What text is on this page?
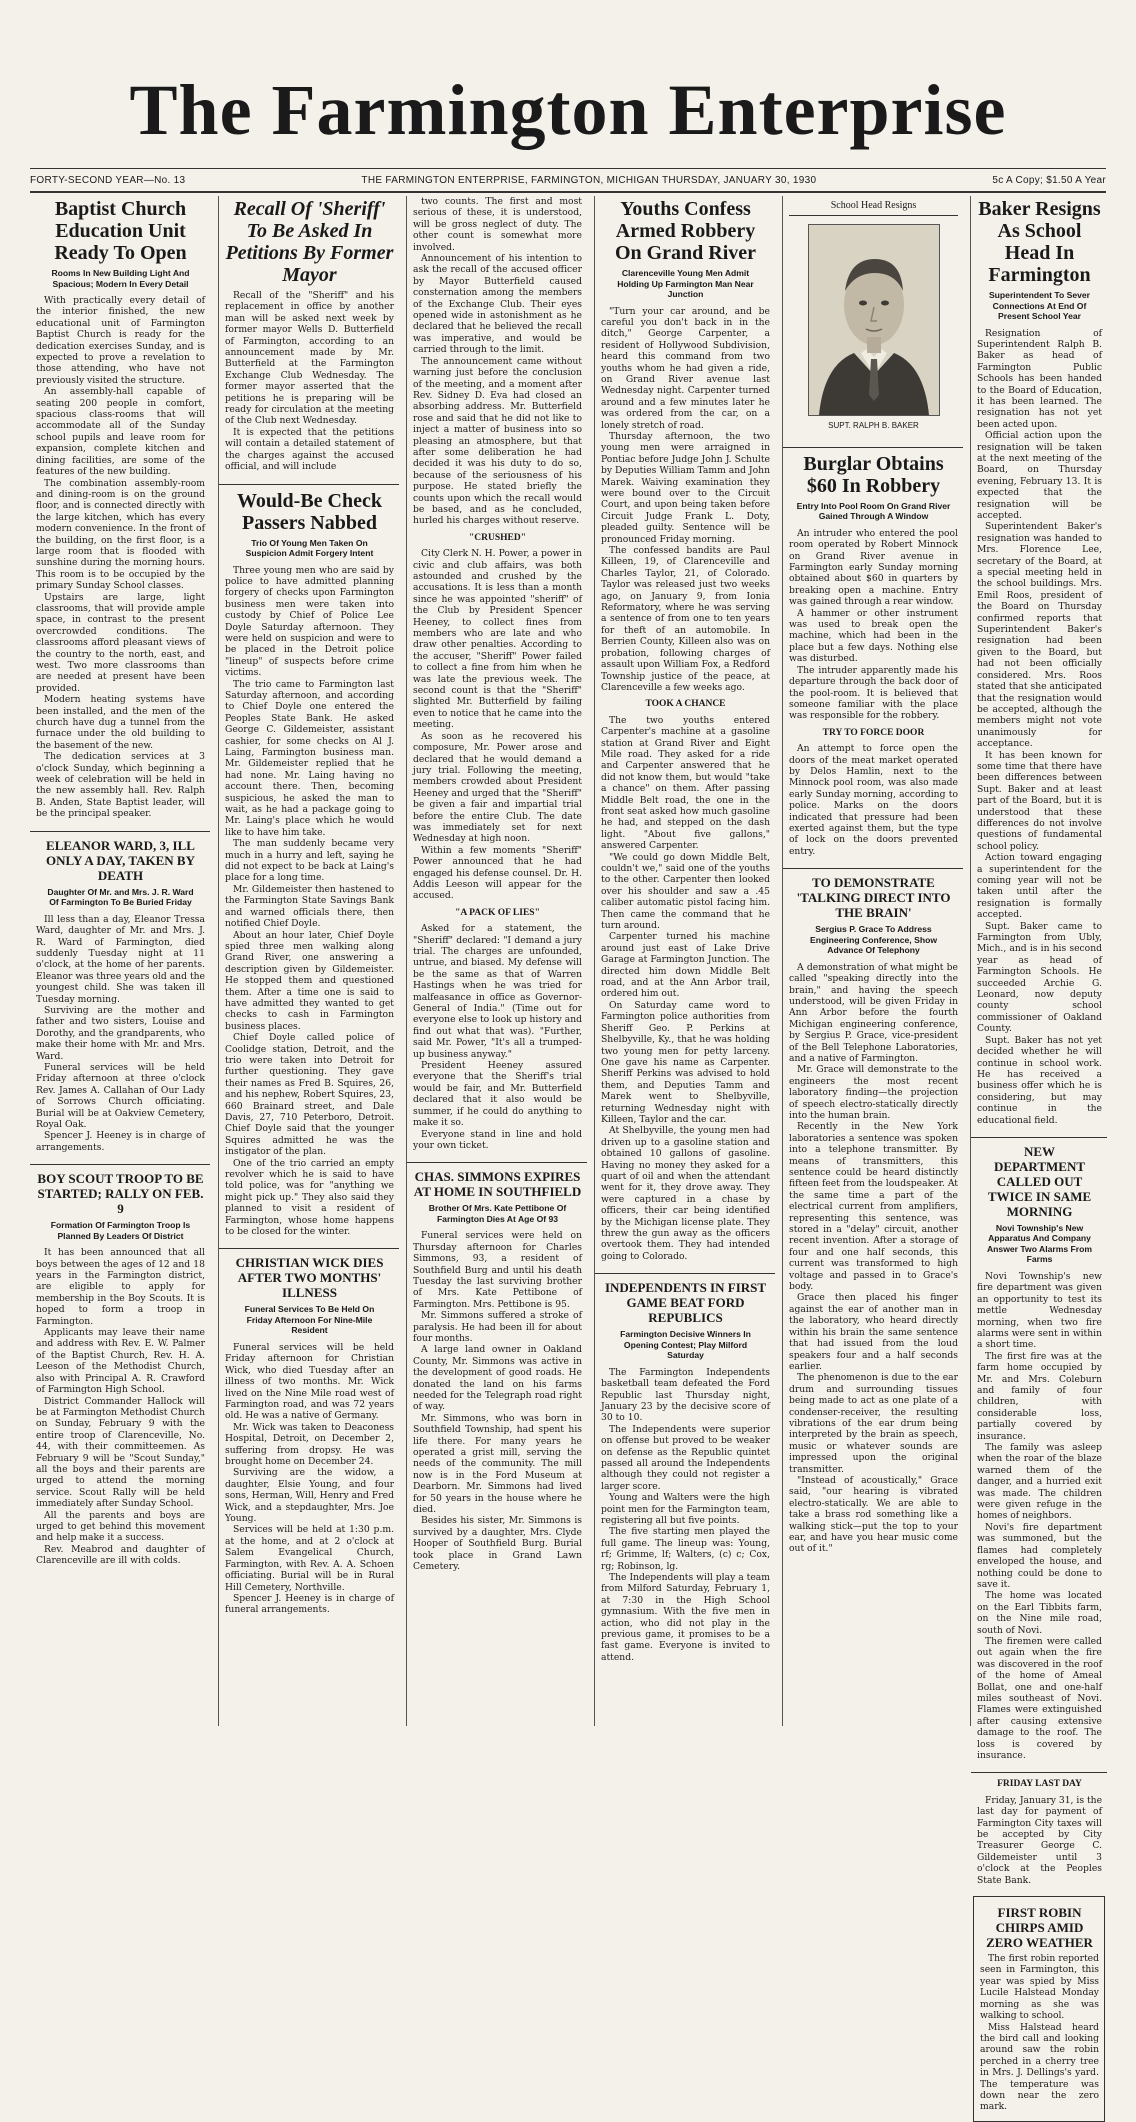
The Farmington Enterprise
FORTY-SECOND YEAR—No. 13	THE FARMINGTON ENTERPRISE, FARMINGTON, MICHIGAN THURSDAY, JANUARY 30, 1930	5c A Copy; $1.50 A Year
Baptist Church Education Unit Ready To Open
Rooms In New Building Light And Spacious; Modern In Every Detail

With practically every detail of the interior finished, the new educational unit of Farmington Baptist Church is ready for the dedication exercises Sunday, and is expected to prove a revelation to those attending, who have not previously visited the structure.

An assembly-hall capable of seating 200 people in comfort, spacious class-rooms that will accommodate all of the Sunday school pupils and leave room for expansion, complete kitchen and dining facilities, are some of the features of the new building.

The combination assembly-room and dining-room is on the ground floor, and is connected directly with the large kitchen, which has every modern convenience. In the front of the building, on the first floor, is a large room that is flooded with sunshine during the morning hours. This room is to be occupied by the primary Sunday School classes.

Upstairs are large, light classrooms, that will provide ample space, in contrast to the present overcrowded conditions. The classrooms afford pleasant views of the country to the north, east, and west. Two more classrooms than are needed at present have been provided.

Modern heating systems have been installed, and the men of the church have dug a tunnel from the furnace under the old building to the basement of the new.

The dedication services at 3 o'clock Sunday, which beginning a week of celebration will be held in the new assembly hall. Rev. Ralph B. Anden, State Baptist leader, will be the principal speaker.

ELEANOR WARD, 3, ILL ONLY A DAY, TAKEN BY DEATH
Daughter Of Mr. and Mrs. J. R. Ward Of Farmington To Be Buried Friday

Ill less than a day, Eleanor Tressa Ward, daughter of Mr. and Mrs. J. R. Ward of Farmington, died suddenly Tuesday night at 11 o'clock, at the home of her parents. Eleanor was three years old and the youngest child. She was taken ill Tuesday morning.

Surviving are the mother and father and two sisters, Louise and Dorothy, and the grandparents, who make their home with Mr. and Mrs. Ward.

Funeral services will be held Friday afternoon at three o'clock Rev. James A. Callahan of Our Lady of Sorrows Church officiating. Burial will be at Oakview Cemetery, Royal Oak.

Spencer J. Heeney is in charge of arrangements.

BOY SCOUT TROOP TO BE STARTED; RALLY ON FEB. 9
Formation Of Farmington Troop Is Planned By Leaders Of District

It has been announced that all boys between the ages of 12 and 18 years in the Farmington district, are eligible to apply for membership in the Boy Scouts. It is hoped to form a troop in Farmington.

Applicants may leave their name and address with Rev. E. W. Palmer of the Baptist Church, Rev. H. A. Leeson of the Methodist Church, also with Principal A. R. Crawford of Farmington High School.

District Commander Hallock will be at Farmington Methodist Church on Sunday, February 9 with the entire troop of Clarenceville, No. 44, with their committeemen. As February 9 will be "Scout Sunday," all the boys and their parents are urged to attend the morning service. Scout Rally will be held immediately after Sunday School.

All the parents and boys are urged to get behind this movement and help make it a success.

Rev. Meabrod and daughter of Clarenceville are ill with colds.

Recall Of 'Sheriff' To Be Asked In Petitions By Former Mayor

Recall of the "Sheriff" and his replacement in office by another man will be asked next week by former mayor Wells D. Butterfield of Farmington, according to an announcement made by Mr. Butterfield at the Farmington Exchange Club Wednesday. The former mayor asserted that the petitions he is preparing will be ready for circulation at the meeting of the Club next Wednesday.

It is expected that the petitions will contain a detailed statement of the charges against the accused official, and will include

Would-Be Check Passers Nabbed
Trio Of Young Men Taken On Suspicion Admit Forgery Intent

Three young men who are said by police to have admitted planning forgery of checks upon Farmington business men were taken into custody by Chief of Police Lee Doyle Saturday afternoon. They were held on suspicion and were to be placed in the Detroit police "lineup" of suspects before crime victims.

The trio came to Farmington last Saturday afternoon, and according to Chief Doyle one entered the Peoples State Bank. He asked George C. Gildemeister, assistant cashier, for some checks on Al J. Laing, Farmington business man. Mr. Gildemeister replied that he had none. Mr. Laing having no account there. Then, becoming suspicious, he asked the man to wait, as he had a package going to Mr. Laing's place which he would like to have him take.

The man suddenly became very much in a hurry and left, saying he did not expect to be back at Laing's place for a long time.

Mr. Gildemeister then hastened to the Farmington State Savings Bank and warned officials there, then notified Chief Doyle.

About an hour later, Chief Doyle spied three men walking along Grand River, one answering a description given by Gildemeister. He stopped them and questioned them. After a time one is said to have admitted they wanted to get checks to cash in Farmington business places.

Chief Doyle called police of Coolidge station, Detroit, and the trio were taken into Detroit for further questioning. They gave their names as Fred B. Squires, 26, and his nephew, Robert Squires, 23, 660 Brainard street, and Dale Davis, 27, 710 Peterboro, Detroit. Chief Doyle said that the younger Squires admitted he was the instigator of the plan.

One of the trio carried an empty revolver which he is said to have told police, was for "anything we might pick up." They also said they planned to visit a resident of Farmington, whose home happens to be closed for the winter.

CHRISTIAN WICK DIES AFTER TWO MONTHS' ILLNESS
Funeral Services To Be Held On Friday Afternoon For Nine-Mile Resident

Funeral services will be held Friday afternoon for Christian Wick, who died Tuesday after an illness of two months. Mr. Wick lived on the Nine Mile road west of Farmington road, and was 72 years old. He was a native of Germany.

Mr. Wick was taken to Deaconess Hospital, Detroit, on December 2, suffering from dropsy. He was brought home on December 24.

Surviving are the widow, a daughter, Elsie Young, and four sons, Herman, Will, Henry and Fred Wick, and a stepdaughter, Mrs. Joe Young.

Services will be held at 1:30 p.m. at the home, and at 2 o'clock at Salem Evangelical Church, Farmington, with Rev. A. A. Schoen officiating. Burial will be in Rural Hill Cemetery, Northville.

Spencer J. Heeney is in charge of funeral arrangements.

two counts. The first and most serious of these, it is understood, will be gross neglect of duty. The other count is somewhat more involved.

Announcement of his intention to ask the recall of the accused officer by Mayor Butterfield caused consternation among the members of the Exchange Club. Their eyes opened wide in astonishment as he declared that he believed the recall was imperative, and would be carried through to the limit.

The announcement came without warning just before the conclusion of the meeting, and a moment after Rev. Sidney D. Eva had closed an absorbing address. Mr. Butterfield rose and said that he did not like to inject a matter of business into so pleasing an atmosphere, but that after some deliberation he had decided it was his duty to do so, because of the seriousness of his purpose. He stated briefly the counts upon which the recall would be based, and as he concluded, hurled his charges without reserve.

"CRUSHED"

City Clerk N. H. Power, a power in civic and club affairs, was both astounded and crushed by the accusations. It is less than a month since he was appointed "sheriff" of the Club by President Spencer Heeney, to collect fines from members who are late and who draw other penalties. According to the accuser, "Sheriff" Power failed to collect a fine from him when he was late the previous week. The second count is that the "Sheriff" slighted Mr. Butterfield by failing even to notice that he came into the meeting.

As soon as he recovered his composure, Mr. Power arose and declared that he would demand a jury trial. Following the meeting, members crowded about President Heeney and urged that the "Sheriff" be given a fair and impartial trial before the entire Club. The date was immediately set for next Wednesday at high noon.

Within a few moments "Sheriff" Power announced that he had engaged his defense counsel. Dr. H. Addis Leeson will appear for the accused.

"A PACK OF LIES"

Asked for a statement, the "Sheriff" declared: "I demand a jury trial. The charges are unfounded, untrue, and biased. My defense will be the same as that of Warren Hastings when he was tried for malfeasance in office as Governor-General of India." (Time out for everyone else to look up history and find out what that was). "Further, said Mr. Power, "It's all a trumped-up business anyway."

President Heeney assured everyone that the Sheriff's trial would be fair, and Mr. Butterfield declared that it also would be summer, if he could do anything to make it so.

Everyone stand in line and hold your own ticket.

CHAS. SIMMONS EXPIRES AT HOME IN SOUTHFIELD
Brother Of Mrs. Kate Pettibone Of Farmington Dies At Age Of 93

Funeral services were held on Thursday afternoon for Charles Simmons, 93, a resident of Southfield Burg and until his death Tuesday the last surviving brother of Mrs. Kate Pettibone of Farmington. Mrs. Pettibone is 95.

Mr. Simmons suffered a stroke of paralysis. He had been ill for about four months.

A large land owner in Oakland County, Mr. Simmons was active in the development of good roads. He donated the land on his farms needed for the Telegraph road right of way.

Mr. Simmons, who was born in Southfield Township, had spent his life there. For many years he operated a grist mill, serving the needs of the community. The mill now is in the Ford Museum at Dearborn. Mr. Simmons had lived for 50 years in the house where he died.

Besides his sister, Mr. Simmons is survived by a daughter, Mrs. Clyde Hooper of Southfield Burg. Burial took place in Grand Lawn Cemetery.

Youths Confess Armed Robbery On Grand River
Clarenceville Young Men Admit Holding Up Farmington Man Near Junction

"Turn your car around, and be careful you don't back in in the ditch," George Carpenter, a resident of Hollywood Subdivision, heard this command from two youths whom he had given a ride, on Grand River avenue last Wednesday night. Carpenter turned around and a few minutes later he was ordered from the car, on a lonely stretch of road.

Thursday afternoon, the two young men were arraigned in Pontiac before Judge John J. Schulte by Deputies William Tamm and John Marek. Waiving examination they were bound over to the Circuit Court, and upon being taken before Circuit Judge Frank L. Doty, pleaded guilty. Sentence will be pronounced Friday morning.

The confessed bandits are Paul Killeen, 19, of Clarenceville and Charles Taylor, 21, of Colorado. Taylor was released just two weeks ago, on January 9, from Ionia Reformatory, where he was serving a sentence of from one to ten years for theft of an automobile. In Berrien County, Killeen also was on probation, following charges of assault upon William Fox, a Redford Township justice of the peace, at Clarenceville a few weeks ago.

TOOK A CHANCE

The two youths entered Carpenter's machine at a gasoline station at Grand River and Eight Mile road. They asked for a ride and Carpenter answered that he did not know them, but would "take a chance" on them. After passing Middle Belt road, the one in the front seat asked how much gasoline he had, and stepped on the dash light. "About five gallons," answered Carpenter.

"We could go down Middle Belt, couldn't we," said one of the youths to the other. Carpenter then looked over his shoulder and saw a .45 caliber automatic pistol facing him. Then came the command that he turn around.

Carpenter turned his machine around just east of Lake Drive Garage at Farmington Junction. The directed him down Middle Belt road, and at the Ann Arbor trail, ordered him out.

On Saturday came word to Farmington police authorities from Sheriff Geo. P. Perkins at Shelbyville, Ky., that he was holding two young men for petty larceny. One gave his name as Carpenter. Sheriff Perkins was advised to hold them, and Deputies Tamm and Marek went to Shelbyville, returning Wednesday night with Killeen, Taylor and the car.

At Shelbyville, the young men had driven up to a gasoline station and obtained 10 gallons of gasoline. Having no money they asked for a quart of oil and when the attendant went for it, they drove away. They were captured in a chase by officers, their car being identified by the Michigan license plate. They threw the gun away as the officers overtook them. They had intended going to Colorado.

INDEPENDENTS IN FIRST GAME BEAT FORD REPUBLICS
Farmington Decisive Winners In Opening Contest; Play Milford Saturday

The Farmington Independents basketball team defeated the Ford Republic last Thursday night, January 23 by the decisive score of 30 to 10.

The Independents were superior on offense but proved to be weaker on defense as the Republic quintet passed all around the Independents although they could not register a larger score.

Young and Walters were the high point men for the Farmington team, registering all but five points.

The five starting men played the full game. The lineup was: Young, rf; Grimme, lf; Walters, (c) c; Cox, rg; Robinson, lg.

The Independents will play a team from Milford Saturday, February 1, at 7:30 in the High School gymnasium. With the five men in action, who did not play in the previous game, it promises to be a fast game. Everyone is invited to attend.

School Head Resigns
SUPT. RALPH B. BAKER
Burglar Obtains $60 In Robbery
Entry Into Pool Room On Grand River Gained Through A Window

An intruder who entered the pool room operated by Robert Minnock on Grand River avenue in Farmington early Sunday morning obtained about $60 in quarters by breaking open a machine. Entry was gained through a rear window.

A hammer or other instrument was used to break open the machine, which had been in the place but a few days. Nothing else was disturbed.

The intruder apparently made his departure through the back door of the pool-room. It is believed that someone familiar with the place was responsible for the robbery.

TRY TO FORCE DOOR

An attempt to force open the doors of the meat market operated by Delos Hamlin, next to the Minnock pool room, was also made early Sunday morning, according to police. Marks on the doors indicated that pressure had been exerted against them, but the type of lock on the doors prevented entry.

TO DEMONSTRATE 'TALKING DIRECT INTO THE BRAIN'
Sergius P. Grace To Address Engineering Conference, Show Advance Of Telephony

A demonstration of what might be called "speaking directly into the brain," and having the speech understood, will be given Friday in Ann Arbor before the fourth Michigan engineering conference, by Sergius P. Grace, vice-president of the Bell Telephone Laboratories, and a native of Farmington.

Mr. Grace will demonstrate to the engineers the most recent laboratory finding—the projection of speech electro-statically directly into the human brain.

Recently in the New York laboratories a sentence was spoken into a telephone transmitter. By means of transmitters, this sentence could be heard distinctly fifteen feet from the loudspeaker. At the same time a part of the electrical current from amplifiers, representing this sentence, was stored in a "delay" circuit, another recent invention. After a storage of four and one half seconds, this current was transformed to high voltage and passed in to Grace's body.

Grace then placed his finger against the ear of another man in the laboratory, who heard directly within his brain the same sentence that had issued from the loud speakers four and a half seconds earlier.

The phenomenon is due to the ear drum and surrounding tissues being made to act as one plate of a condenser-receiver, the resulting vibrations of the ear drum being interpreted by the brain as speech, music or whatever sounds are impressed upon the original transmitter.

"Instead of acoustically," Grace said, "our hearing is vibrated electro-statically. We are able to take a brass rod something like a walking stick—put the top to your ear, and have you hear music come out of it."

Baker Resigns As School Head In Farmington
Superintendent To Sever Connections At End Of Present School Year

Resignation of Superintendent Ralph B. Baker as head of Farmington Public Schools has been handed to the Board of Education, it has been learned. The resignation has not yet been acted upon.

Official action upon the resignation will be taken at the next meeting of the Board, on Thursday evening, February 13. It is expected that the resignation will be accepted.

Superintendent Baker's resignation was handed to Mrs. Florence Lee, secretary of the Board, at a special meeting held in the school buildings. Mrs. Emil Roos, president of the Board on Thursday confirmed reports that Superintendent Baker's resignation had been given to the Board, but had not been officially considered. Mrs. Roos stated that she anticipated that the resignation would be accepted, although the members might not vote unanimously for acceptance.

It has been known for some time that there have been differences between Supt. Baker and at least part of the Board, but it is understood that these differences do not involve questions of fundamental school policy.

Action toward engaging a superintendent for the coming year will not be taken until after the resignation is formally accepted.

Supt. Baker came to Farmington from Ubly, Mich., and is in his second year as head of Farmington Schools. He succeeded Archie G. Leonard, now deputy county school commissioner of Oakland County.

Supt. Baker has not yet decided whether he will continue in school work. He has received a business offer which he is considering, but may continue in the educational field.

NEW DEPARTMENT CALLED OUT TWICE IN SAME MORNING
Novi Township's New Apparatus And Company Answer Two Alarms From Farms

Novi Township's new fire department was given an opportunity to test its mettle Wednesday morning, when two fire alarms were sent in within a short time.

The first fire was at the farm home occupied by Mr. and Mrs. Coleburn and family of four children, with considerable loss, partially covered by insurance.

The family was asleep when the roar of the blaze warned them of the danger, and a hurried exit was made. The children were given refuge in the homes of neighbors.

Novi's fire department was summoned, but the flames had completely enveloped the house, and nothing could be done to save it.

The home was located on the Earl Tibbits farm, on the Nine mile road, south of Novi.

The firemen were called out again when the fire was discovered in the roof of the home of Ameal Bollat, one and one-half miles southeast of Novi. Flames were extinguished after causing extensive damage to the roof. The loss is covered by insurance.

FRIDAY LAST DAY

Friday, January 31, is the last day for payment of Farmington City taxes will be accepted by City Treasurer George C. Gildemeister until 3 o'clock at the Peoples State Bank.

FIRST ROBIN CHIRPS AMID ZERO WEATHER

The first robin reported seen in Farmington, this year was spied by Miss Lucile Halstead Monday morning as she was walking to school.

Miss Halstead heard the bird call and looking around saw the robin perched in a cherry tree in Mrs. J. Dellings's yard. The temperature was down near the zero mark.
